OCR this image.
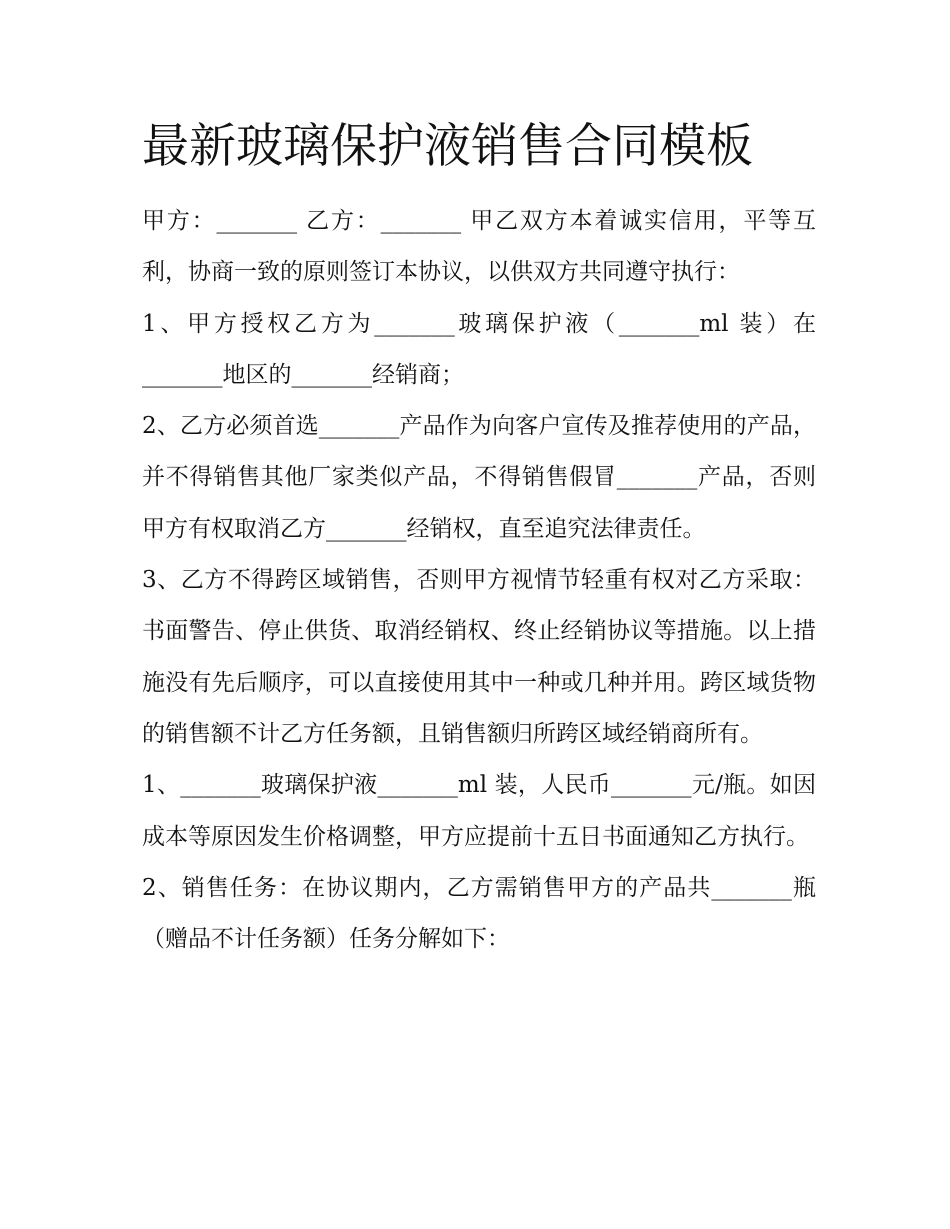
最新玻璃保护液销售合同模板

甲方：_______ 乙方：_______ 甲乙双方本着诚实信用，平等互利，协商一致的原则签订本协议，以供双方共同遵守执行：

1、甲方授权乙方为_______玻璃保护液（_______ml 装）在_______地区的_______经销商；

2、乙方必须首选_______产品作为向客户宣传及推荐使用的产品，并不得销售其他厂家类似产品，不得销售假冒_______产品，否则甲方有权取消乙方_______经销权，直至追究法律责任。

3、乙方不得跨区域销售，否则甲方视情节轻重有权对乙方采取：书面警告、停止供货、取消经销权、终止经销协议等措施。以上措施没有先后顺序，可以直接使用其中一种或几种并用。跨区域货物的销售额不计乙方任务额，且销售额归所跨区域经销商所有。

1、_______玻璃保护液_______ml 装，人民币_______元/瓶。如因成本等原因发生价格调整，甲方应提前十五日书面通知乙方执行。

2、销售任务：在协议期内，乙方需销售甲方的产品共_______瓶（赠品不计任务额）任务分解如下：
